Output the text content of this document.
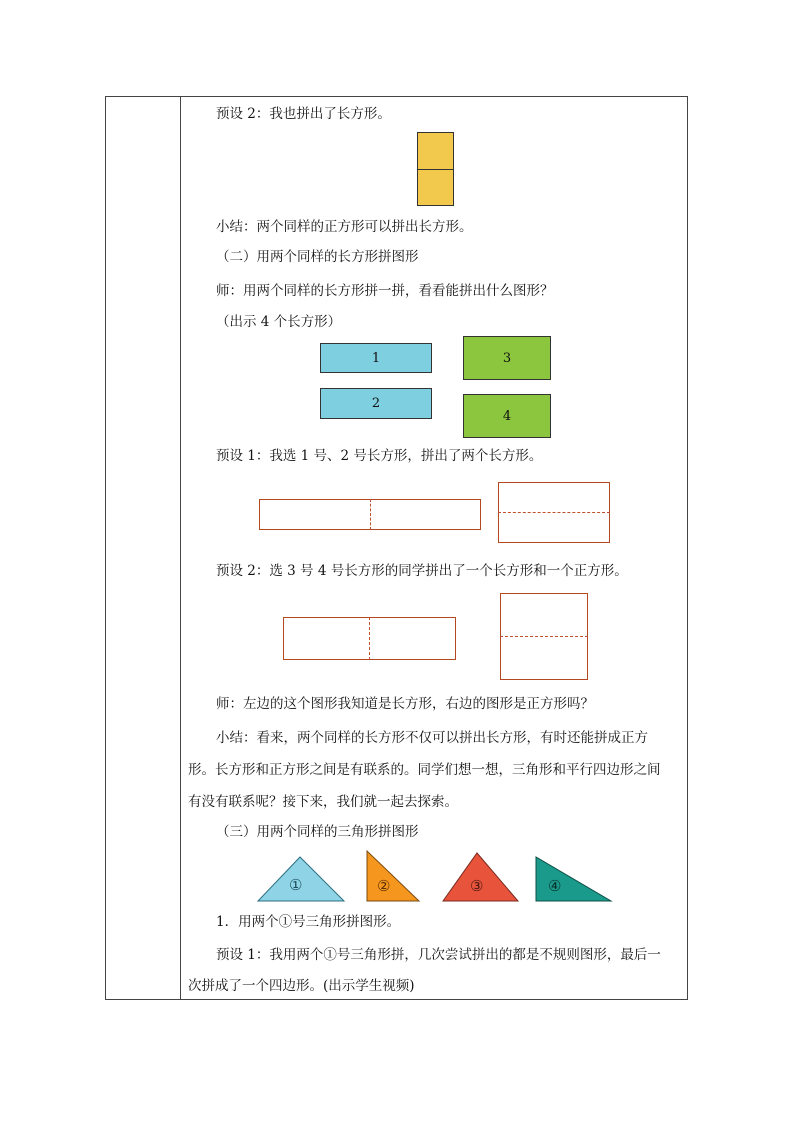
预设 2：我也拼出了长方形。
小结：两个同样的正方形可以拼出长方形。
（二）用两个同样的长方形拼图形
师：用两个同样的长方形拼一拼，看看能拼出什么图形？
（出示 4 个长方形）
1
2
3
4
预设 1：我选 1 号、2 号长方形，拼出了两个长方形。
预设 2：选 3 号 4 号长方形的同学拼出了一个长方形和一个正方形。
师：左边的这个图形我知道是长方形，右边的图形是正方形吗？
小结：看来，两个同样的长方形不仅可以拼出长方形，有时还能拼成正方
形。长方形和正方形之间是有联系的。同学们想一想，三角形和平行四边形之间
有没有联系呢？接下来，我们就一起去探索。
（三）用两个同样的三角形拼图形
①	②	③	④
1．用两个①号三角形拼图形。
预设 1：我用两个①号三角形拼，几次尝试拼出的都是不规则图形，最后一
次拼成了一个四边形。(出示学生视频)
